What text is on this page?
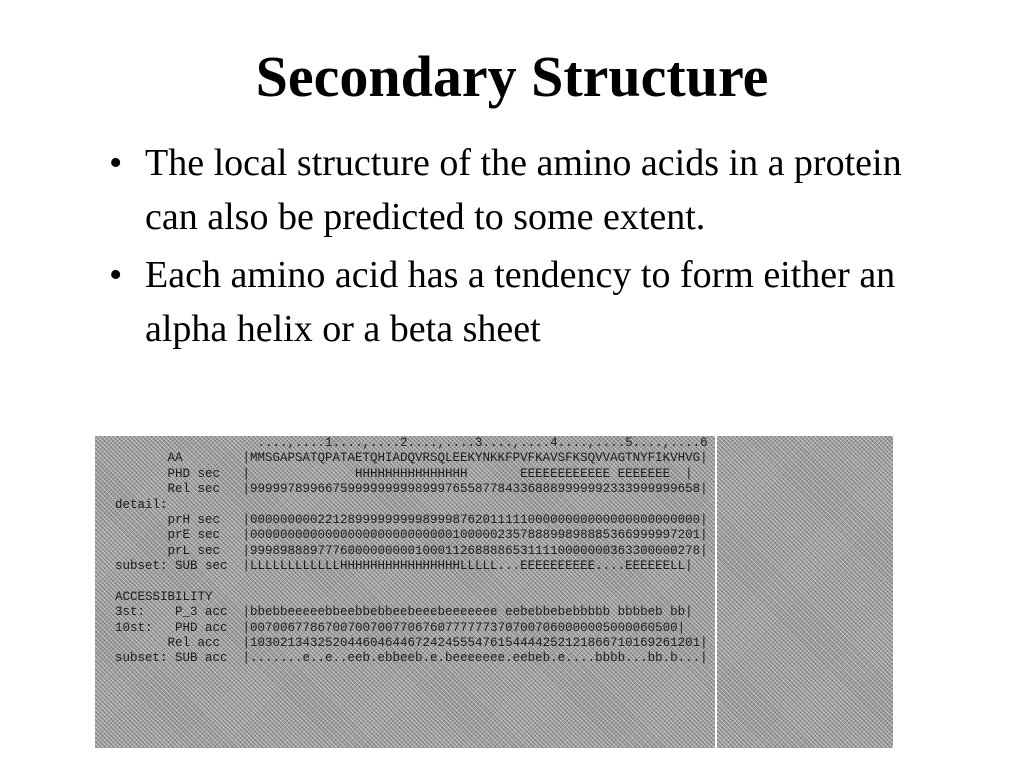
Secondary Structure
• The local structure of the amino acids in a protein can also be predicted to some extent.
• Each amino acid has a tendency to form either an alpha helix or a beta sheet
....,....1....,....2....,....3....,....4....,....5....,....6
AA        |MMSGAPSATQPATAETQHIADQVRSQLEEKYNKKFPVFKAVSFKSQVVAGTNYFIKVHVG|
PHD sec   |              HHHHHHHHHHHHHHH       EEEEEEEEEEEE EEEEEEE  |
Rel sec   |999997899667599999999989997655877843368889999992333999999658|
detail:
prH sec   |000000000221289999999998999876201111100000000000000000000000|
prE sec   |000000000000000000000000000100000235788899898885366999997201|
prL sec   |999898889777600000000010001126888865311110000000363300000278|
subset: SUB sec  |LLLLLLLLLLLLHHHHHHHHHHHHHHHHLLLLL...EEEEEEEEEE....EEEEEELL|
ACCESSIBILITY
3st:    P_3 acc  |bbebbeeeeebbeebbebbeebeeebeeeeeee eebebbebebbbbb bbbbeb bb|
10st:   PHD acc  |007006778670070070077067607777773707007060000005000060500|
Rel acc   |103021343252044604644672424555476154444252121866710169261201|
subset: SUB acc  |.......e..e..eeb.ebbeeb.e.beeeeeee.eebeb.e....bbbb...bb.b...|
